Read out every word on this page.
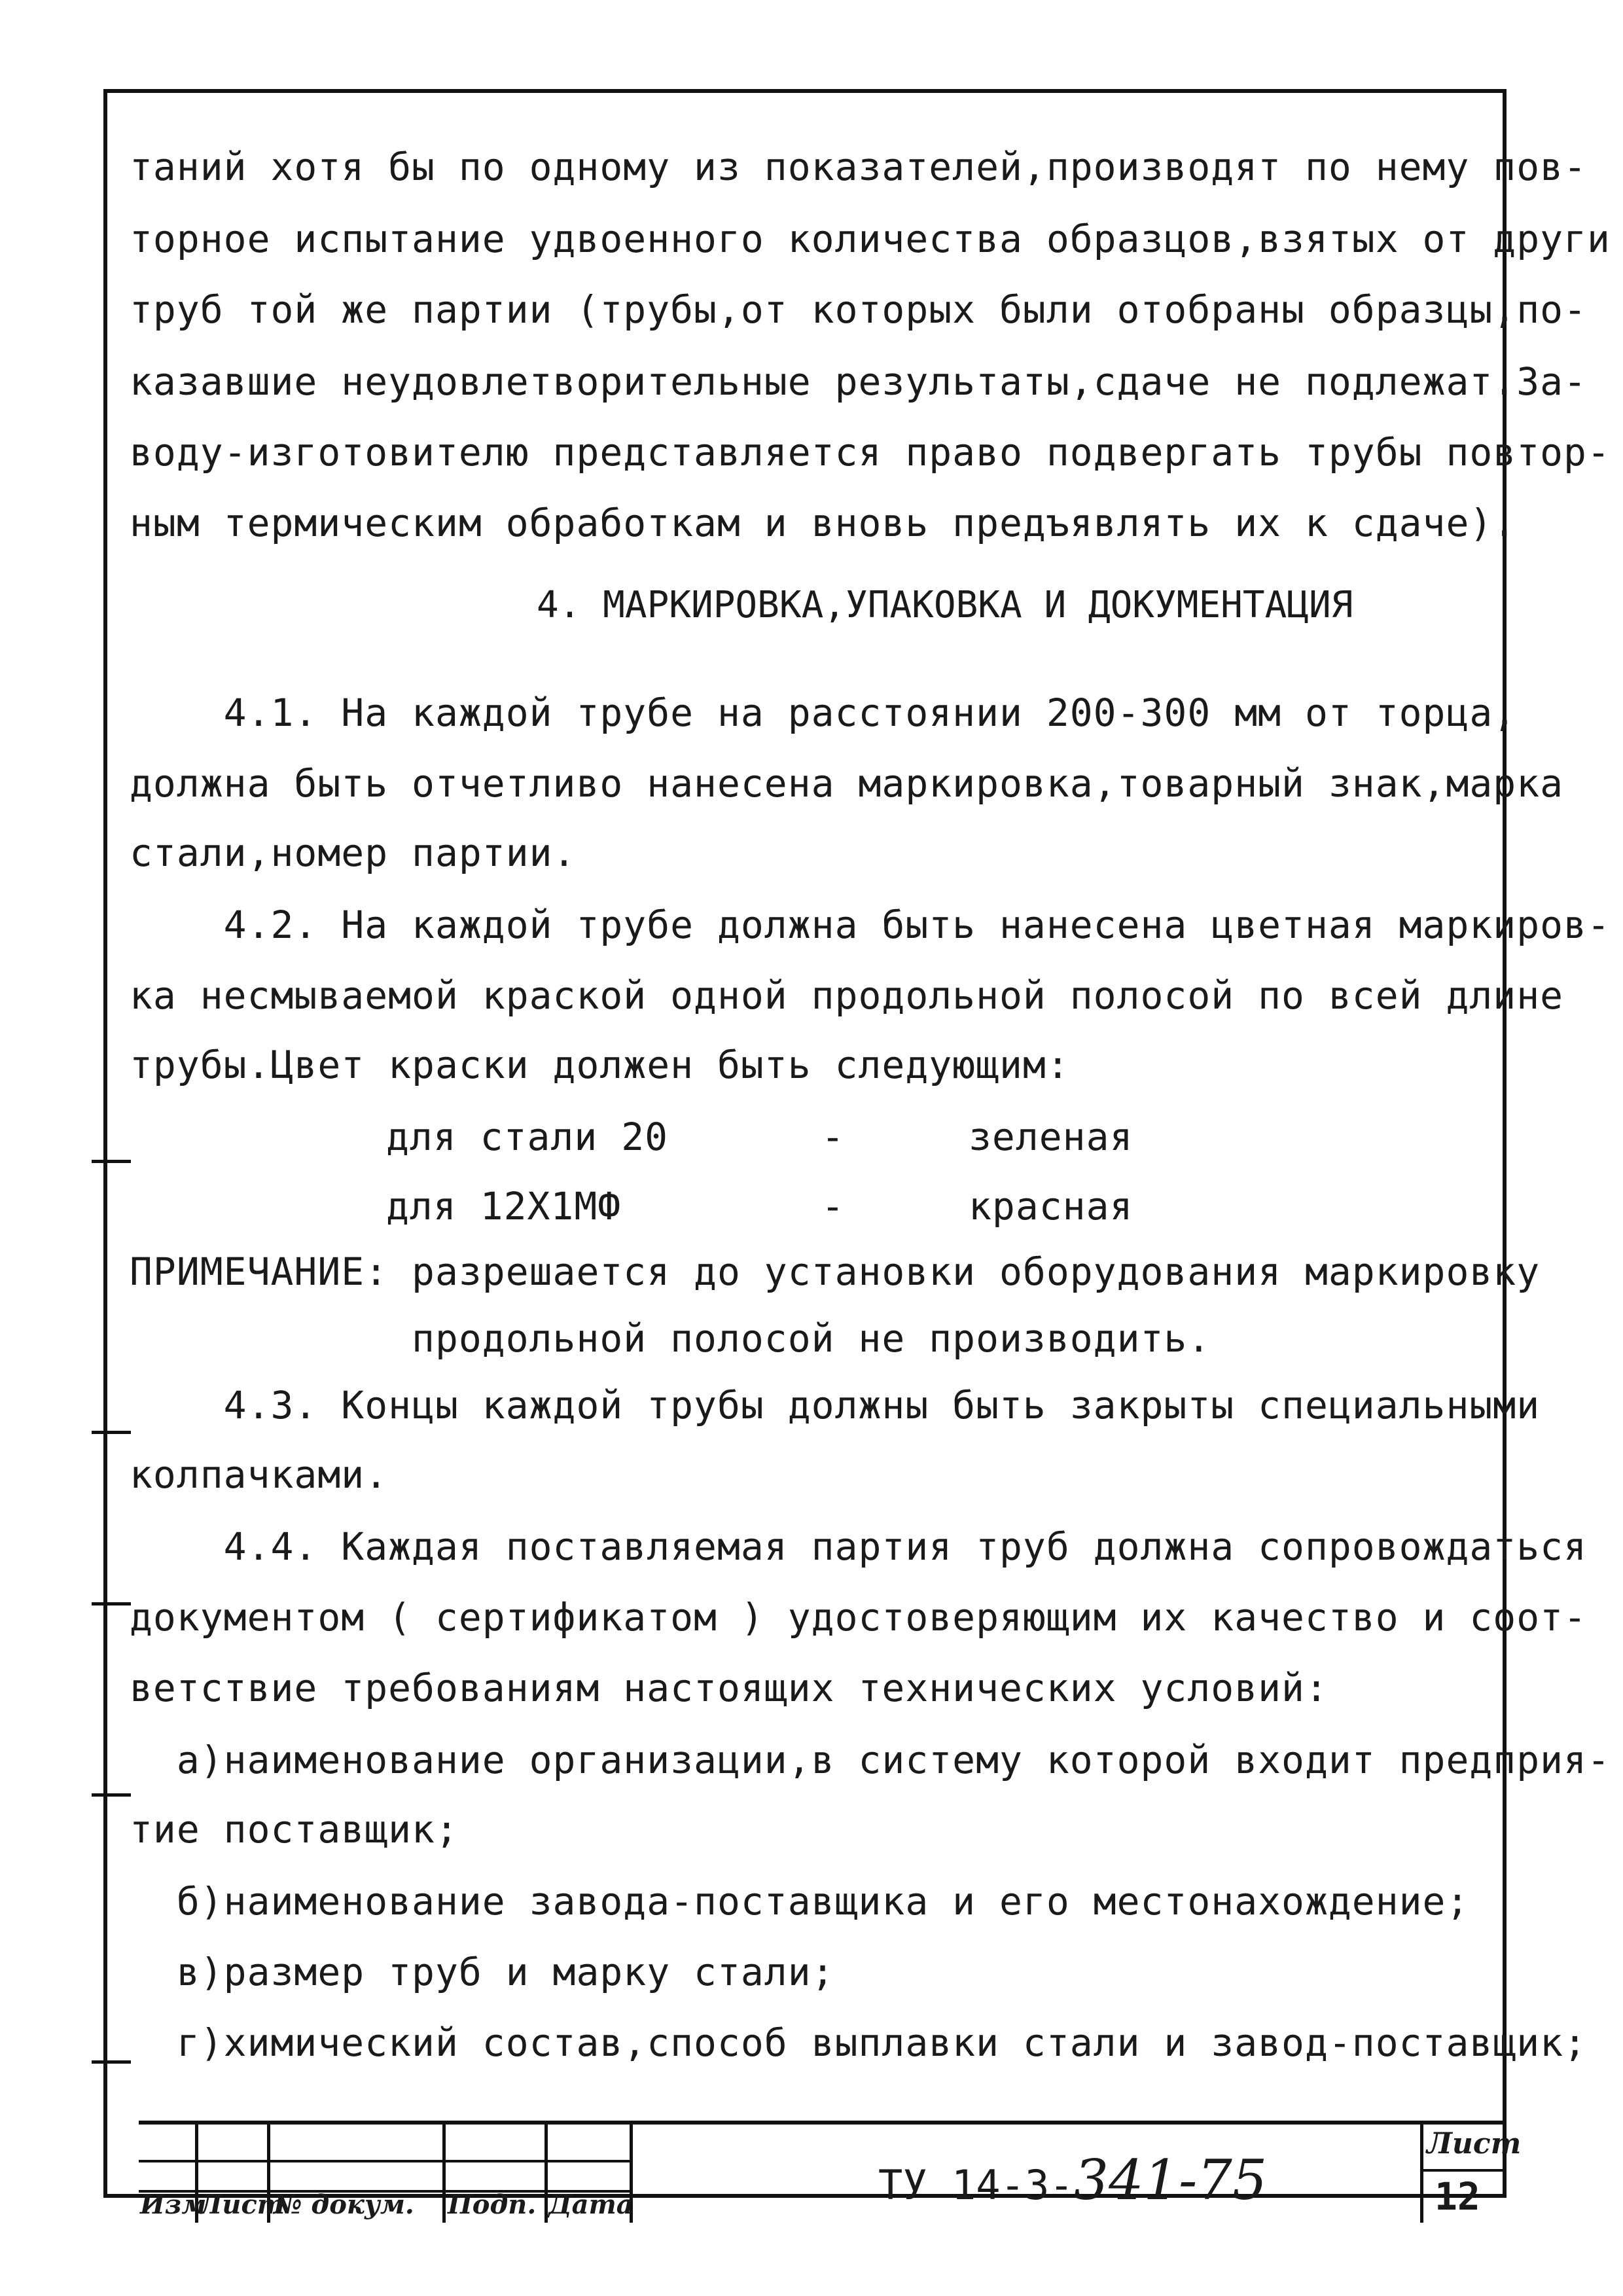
таний хотя бы по одному из показателей,производят по нему пов-
торное испытание удвоенного количества образцов,взятых от други
труб той же партии (трубы,от которых были отобраны образцы,по-
казавшие неудовлетворительные результаты,сдаче не подлежат.За-
воду-изготовителю представляется право подвергать трубы повтор-
ным термическим обработкам и вновь предъявлять их к сдаче).
4. МАРКИРОВКА,УПАКОВКА И ДОКУМЕНТАЦИЯ
4.1. На каждой трубе на расстоянии 200-300 мм от торца,
должна быть отчетливо нанесена маркировка,товарный знак,марка
стали,номер партии.
4.2. На каждой трубе должна быть нанесена цветная маркиров-
ка несмываемой краской одной продольной полосой по всей длине
трубы.Цвет краски должен быть следующим:
для стали 20	-	зеленая
для 12Х1МФ	-	красная
ПРИМЕЧАНИЕ: разрешается до установки оборудования маркировку
продольной полосой не производить.
4.3. Концы каждой трубы должны быть закрыты специальными
колпачками.
4.4. Каждая поставляемая партия труб должна сопровождаться
документом ( сертификатом ) удостоверяющим их качество и соот-
ветствие требованиям настоящих технических условий:
а)наименование организации,в систему которой входит предприя-
тие поставщик;
б)наименование завода-поставщика и его местонахождение;
в)размер труб и марку стали;
г)химический состав,способ выплавки стали и завод-поставщик;
Изм
Лист
№ докум. Подп. Дата	ТУ 14-3-341-75
Лист
12
